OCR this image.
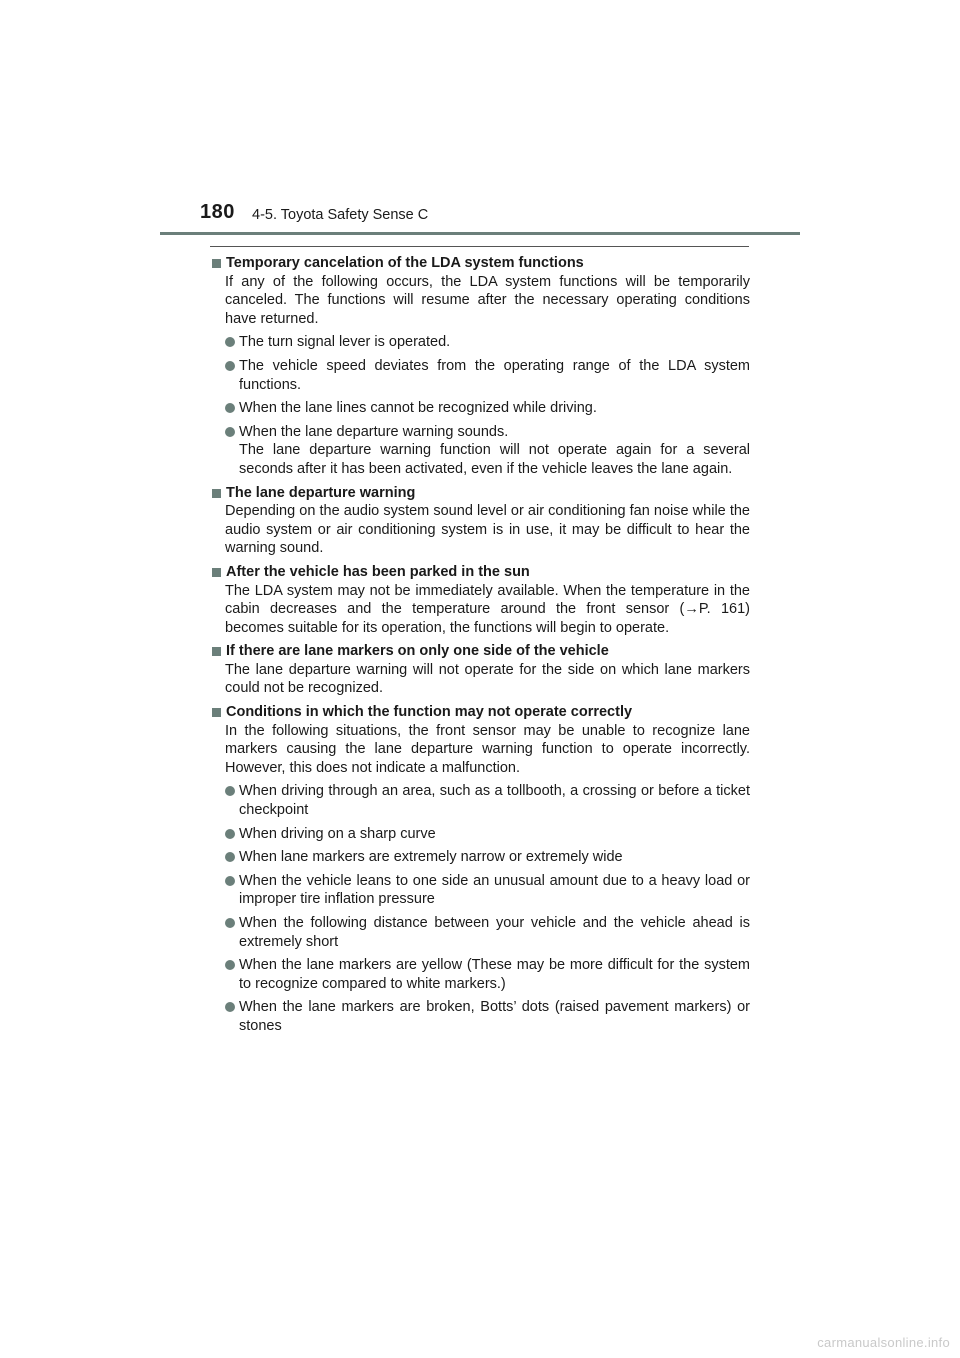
180 4-5. Toyota Safety Sense C
Temporary cancelation of the LDA system functions
If any of the following occurs, the LDA system functions will be temporarily canceled. The functions will resume after the necessary operating conditions have returned.
The turn signal lever is operated.
The vehicle speed deviates from the operating range of the LDA system functions.
When the lane lines cannot be recognized while driving.
When the lane departure warning sounds.
The lane departure warning function will not operate again for a several seconds after it has been activated, even if the vehicle leaves the lane again.
The lane departure warning
Depending on the audio system sound level or air conditioning fan noise while the audio system or air conditioning system is in use, it may be difficult to hear the warning sound.
After the vehicle has been parked in the sun
The LDA system may not be immediately available. When the temperature in the cabin decreases and the temperature around the front sensor (→P. 161) becomes suitable for its operation, the functions will begin to operate.
If there are lane markers on only one side of the vehicle
The lane departure warning will not operate for the side on which lane markers could not be recognized.
Conditions in which the function may not operate correctly
In the following situations, the front sensor may be unable to recognize lane markers causing the lane departure warning function to operate incorrectly. However, this does not indicate a malfunction.
When driving through an area, such as a tollbooth, a crossing or before a ticket checkpoint
When driving on a sharp curve
When lane markers are extremely narrow or extremely wide
When the vehicle leans to one side an unusual amount due to a heavy load or improper tire inflation pressure
When the following distance between your vehicle and the vehicle ahead is extremely short
When the lane markers are yellow (These may be more difficult for the system to recognize compared to white markers.)
When the lane markers are broken, Botts’ dots (raised pavement markers) or stones
carmanualsonline.info
